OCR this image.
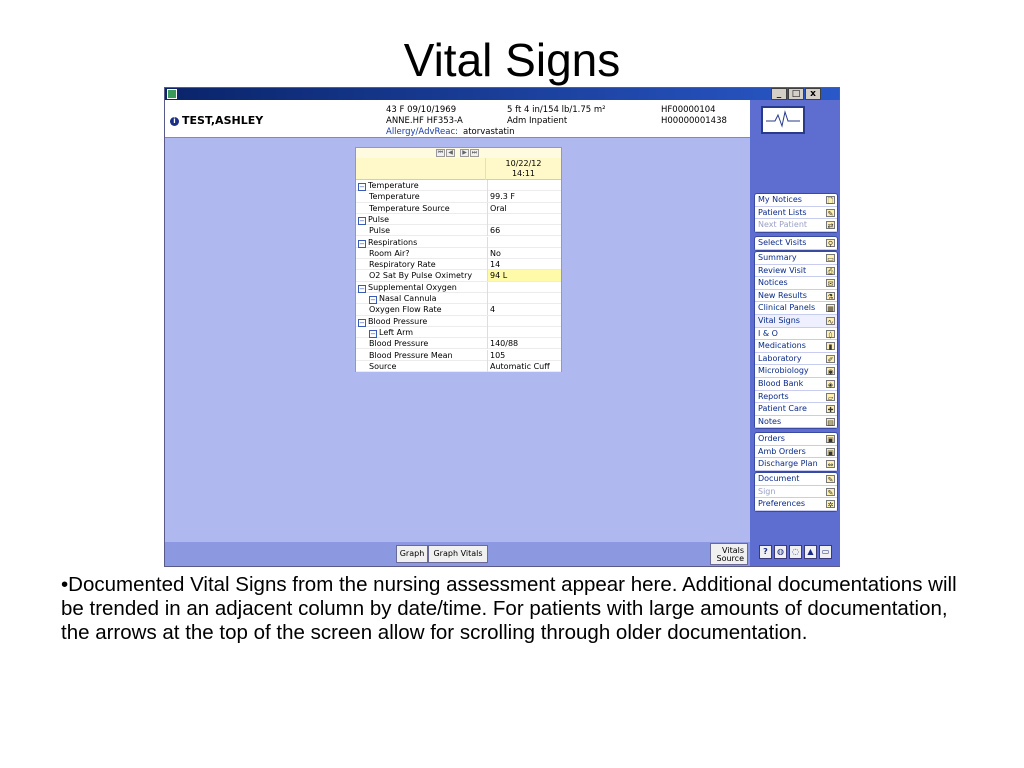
Vital Signs
_	□	x
i TEST,ASHLEY
43 F 09/10/1969
ANNE.HF HF353-A
Allergy/AdvReac: atorvastatin
5 ft 4 in/154 lb/1.75 m²
Adm Inpatient
HF00000104
H00000001438
⏮ ◀	▶ ⏭
10/22/12
14:11
− Temperature
Temperature	99.3 F
Temperature Source	Oral
− Pulse
Pulse	66
− Respirations
Room Air?	No
Respiratory Rate	14
O2 Sat By Pulse Oximetry	94 L
− Supplemental Oxygen
− Nasal Cannula
Oxygen Flow Rate	4
− Blood Pressure
− Left Arm
Blood Pressure	140/88
Blood Pressure Mean	105
Source	Automatic Cuff
Graph	Graph Vitals	Vitals
Source
My Notices	🗋
Patient Lists	✎
Next Patient	⇄
Select Visits	⚲
Summary	▭
Review Visit	⎙
Notices	✉
New Results	⚗
Clinical Panels ▦
Vital Signs	∿
I & O	◊
Medications	▮
Laboratory	✐
Microbiology	◉
Blood Bank	◈
Reports	▱
Patient Care	✚
Notes	▤
Orders	▣
Amb Orders	▣
Discharge Plan ⇔
Document	✎
Sign	✎
Preferences	✲
?	◍	◌	▲	▭
•Documented Vital Signs from the nursing assessment appear here. Additional documentations will be trended in an adjacent column by date/time. For patients with large amounts of documentation, the arrows at the top of the screen allow for scrolling through older documentation.
